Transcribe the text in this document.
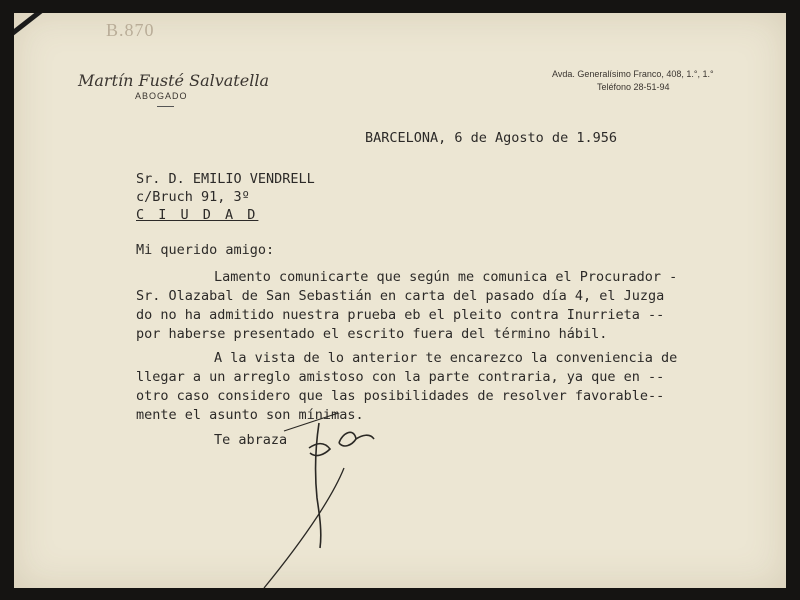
B.870
Martín Fusté Salvatella
ABOGADO
Avda. Generalísimo Franco, 408, 1.°, 1.°
Teléfono 28-51-94
BARCELONA, 6 de Agosto de 1.956
Sr. D. EMILIO VENDRELL
c/Bruch 91, 3º
C I U D A D
Mi querido amigo:
Lamento comunicarte que según me comunica el Procurador -
Sr. Olazabal de San Sebastián en carta del pasado día 4, el Juzga
do no ha admitido nuestra prueba eb el pleito contra Inurrieta --
por haberse presentado el escrito fuera del término hábil.
A la vista de lo anterior te encarezco la conveniencia de
llegar a un arreglo amistoso con la parte contraria, ya que en --
otro caso considero que las posibilidades de resolver favorable--
mente el asunto son mínimas.
Te abraza
